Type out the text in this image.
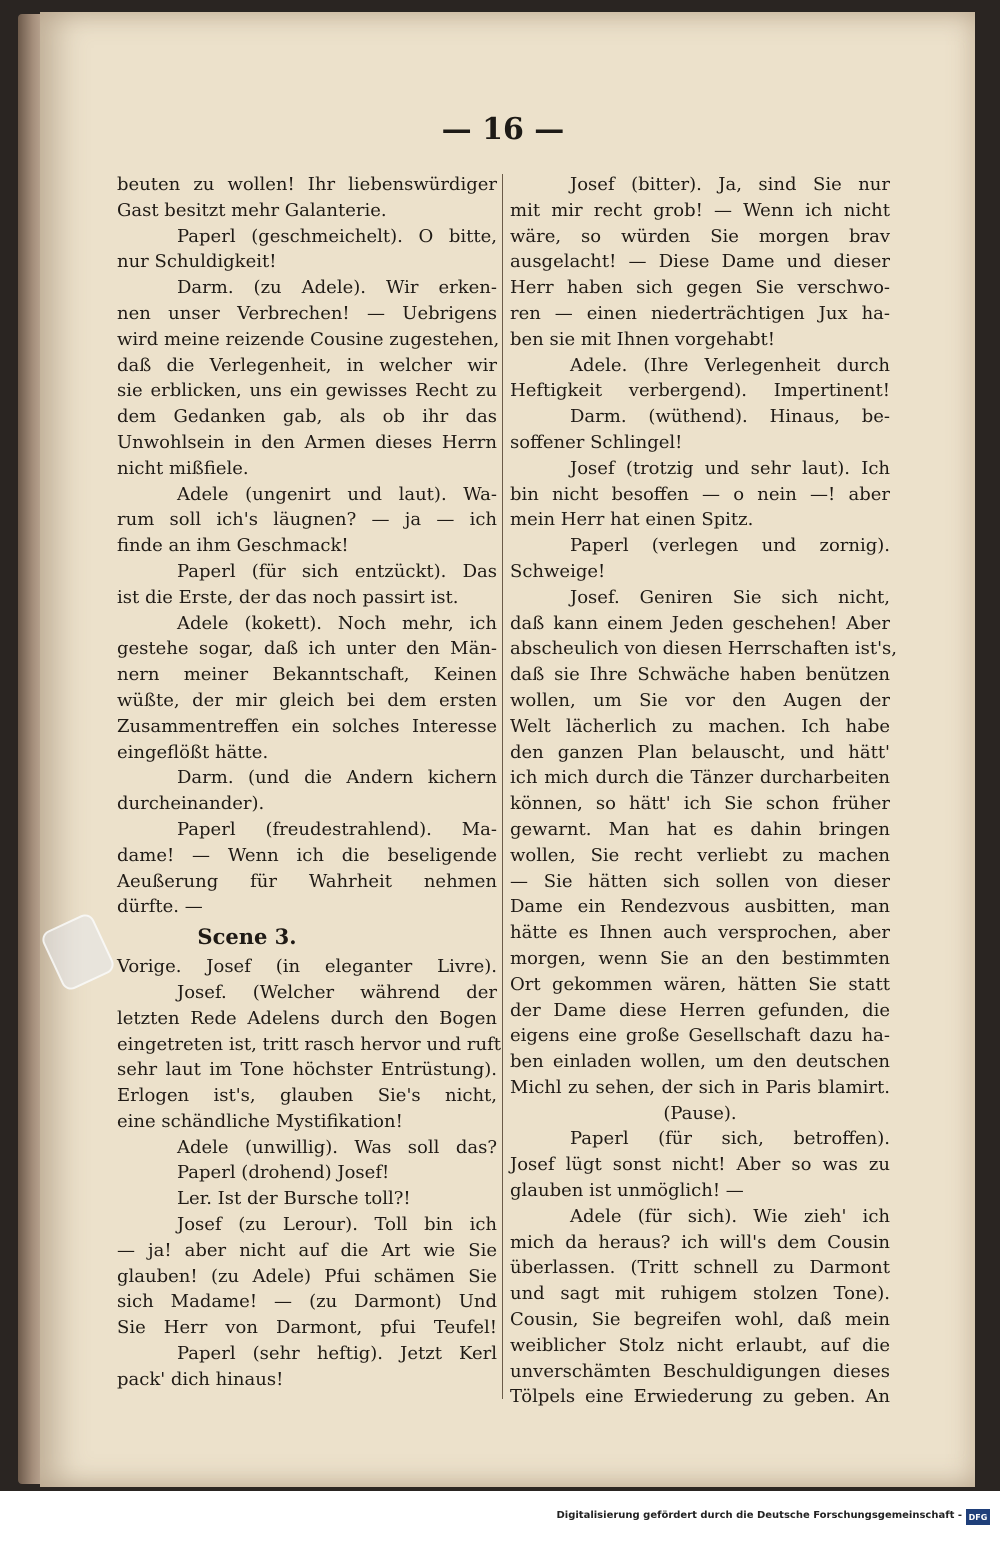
— 16 —
beuten zu wollen! Ihr liebenswürdiger
Gast besitzt mehr Galanterie.
Paperl (geschmeichelt). O bitte,
nur Schuldigkeit!
Darm. (zu Adele). Wir erken-
nen unser Verbrechen! — Uebrigens
wird meine reizende Cousine zugestehen,
daß die Verlegenheit, in welcher wir
sie erblicken, uns ein gewisses Recht zu
dem Gedanken gab, als ob ihr das
Unwohlsein in den Armen dieses Herrn
nicht mißfiele.
Adele (ungenirt und laut). Wa-
rum soll ich's läugnen? — ja — ich
finde an ihm Geschmack!
Paperl (für sich entzückt). Das
ist die Erste, der das noch passirt ist.
Adele (kokett). Noch mehr, ich
gestehe sogar, daß ich unter den Män-
nern meiner Bekanntschaft, Keinen
wüßte, der mir gleich bei dem ersten
Zusammentreffen ein solches Interesse
eingeflößt hätte.
Darm. (und die Andern kichern
durcheinander).
Paperl (freudestrahlend). Ma-
dame! — Wenn ich die beseligende
Aeußerung für Wahrheit nehmen
dürfte. —
Scene 3.
Vorige. Josef (in eleganter Livre).
Josef. (Welcher während der
letzten Rede Adelens durch den Bogen
eingetreten ist, tritt rasch hervor und ruft
sehr laut im Tone höchster Entrüstung).
Erlogen ist's, glauben Sie's nicht,
eine schändliche Mystifikation!
Adele (unwillig). Was soll das?
Paperl (drohend) Josef!
Ler. Ist der Bursche toll?!
Josef (zu Lerour). Toll bin ich
— ja! aber nicht auf die Art wie Sie
glauben! (zu Adele) Pfui schämen Sie
sich Madame! — (zu Darmont) Und
Sie Herr von Darmont, pfui Teufel!
Paperl (sehr heftig). Jetzt Kerl
pack' dich hinaus!
Josef (bitter). Ja, sind Sie nur
mit mir recht grob! — Wenn ich nicht
wäre, so würden Sie morgen brav
ausgelacht! — Diese Dame und dieser
Herr haben sich gegen Sie verschwo-
ren — einen niederträchtigen Jux ha-
ben sie mit Ihnen vorgehabt!
Adele. (Ihre Verlegenheit durch
Heftigkeit verbergend). Impertinent!
Darm. (wüthend). Hinaus, be-
soffener Schlingel!
Josef (trotzig und sehr laut). Ich
bin nicht besoffen — o nein —! aber
mein Herr hat einen Spitz.
Paperl (verlegen und zornig).
Schweige!
Josef. Geniren Sie sich nicht,
daß kann einem Jeden geschehen! Aber
abscheulich von diesen Herrschaften ist's,
daß sie Ihre Schwäche haben benützen
wollen, um Sie vor den Augen der
Welt lächerlich zu machen. Ich habe
den ganzen Plan belauscht, und hätt'
ich mich durch die Tänzer durcharbeiten
können, so hätt' ich Sie schon früher
gewarnt. Man hat es dahin bringen
wollen, Sie recht verliebt zu machen
— Sie hätten sich sollen von dieser
Dame ein Rendezvous ausbitten, man
hätte es Ihnen auch versprochen, aber
morgen, wenn Sie an den bestimmten
Ort gekommen wären, hätten Sie statt
der Dame diese Herren gefunden, die
eigens eine große Gesellschaft dazu ha-
ben einladen wollen, um den deutschen
Michl zu sehen, der sich in Paris blamirt.
(Pause).
Paperl (für sich, betroffen).
Josef lügt sonst nicht! Aber so was zu
glauben ist unmöglich! —
Adele (für sich). Wie zieh' ich
mich da heraus? ich will's dem Cousin
überlassen. (Tritt schnell zu Darmont
und sagt mit ruhigem stolzen Tone).
Cousin, Sie begreifen wohl, daß mein
weiblicher Stolz nicht erlaubt, auf die
unverschämten Beschuldigungen dieses
Tölpels eine Erwiederung zu geben. An
Digitalisierung gefördert durch die Deutsche Forschungsgemeinschaft - DFG
